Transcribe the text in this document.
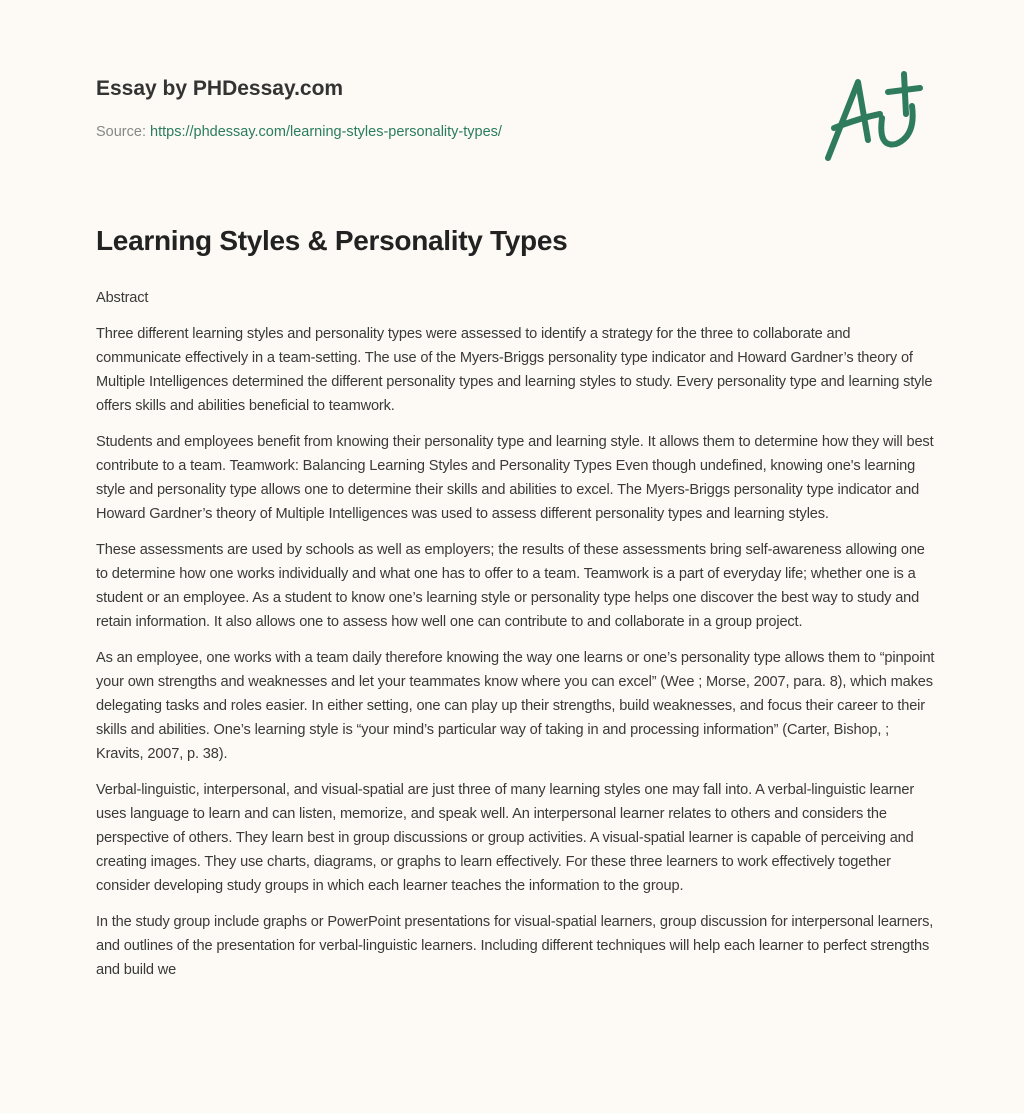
Essay by PHDessay.com
Source: https://phdessay.com/learning-styles-personality-types/
Learning Styles & Personality Types

Abstract

Three different learning styles and personality types were assessed to identify a strategy for the three to collaborate and communicate effectively in a team-setting. The use of the Myers-Briggs personality type indicator and Howard Gardner’s theory of Multiple Intelligences determined the different personality types and learning styles to study. Every personality type and learning style offers skills and abilities beneficial to teamwork.

Students and employees benefit from knowing their personality type and learning style. It allows them to determine how they will best contribute to a team. Teamwork: Balancing Learning Styles and Personality Types Even though undefined, knowing one's learning style and personality type allows one to determine their skills and abilities to excel. The Myers-Briggs personality type indicator and Howard Gardner’s theory of Multiple Intelligences was used to assess different personality types and learning styles.

These assessments are used by schools as well as employers; the results of these assessments bring self-awareness allowing one to determine how one works individually and what one has to offer to a team. Teamwork is a part of everyday life; whether one is a student or an employee. As a student to know one’s learning style or personality type helps one discover the best way to study and retain information. It also allows one to assess how well one can contribute to and collaborate in a group project.

As an employee, one works with a team daily therefore knowing the way one learns or one’s personality type allows them to “pinpoint your own strengths and weaknesses and let your teammates know where you can excel” (Wee ; Morse, 2007, para. 8), which makes delegating tasks and roles easier. In either setting, one can play up their strengths, build weaknesses, and focus their career to their skills and abilities. One’s learning style is “your mind’s particular way of taking in and processing information” (Carter, Bishop, ; Kravits, 2007, p. 38).

Verbal-linguistic, interpersonal, and visual-spatial are just three of many learning styles one may fall into. A verbal-linguistic learner uses language to learn and can listen, memorize, and speak well. An interpersonal learner relates to others and considers the perspective of others. They learn best in group discussions or group activities. A visual-spatial learner is capable of perceiving and creating images. They use charts, diagrams, or graphs to learn effectively. For these three learners to work effectively together consider developing study groups in which each learner teaches the information to the group.

In the study group include graphs or PowerPoint presentations for visual-spatial learners, group discussion for interpersonal learners, and outlines of the presentation for verbal-linguistic learners. Including different techniques will help each learner to perfect strengths and build we
